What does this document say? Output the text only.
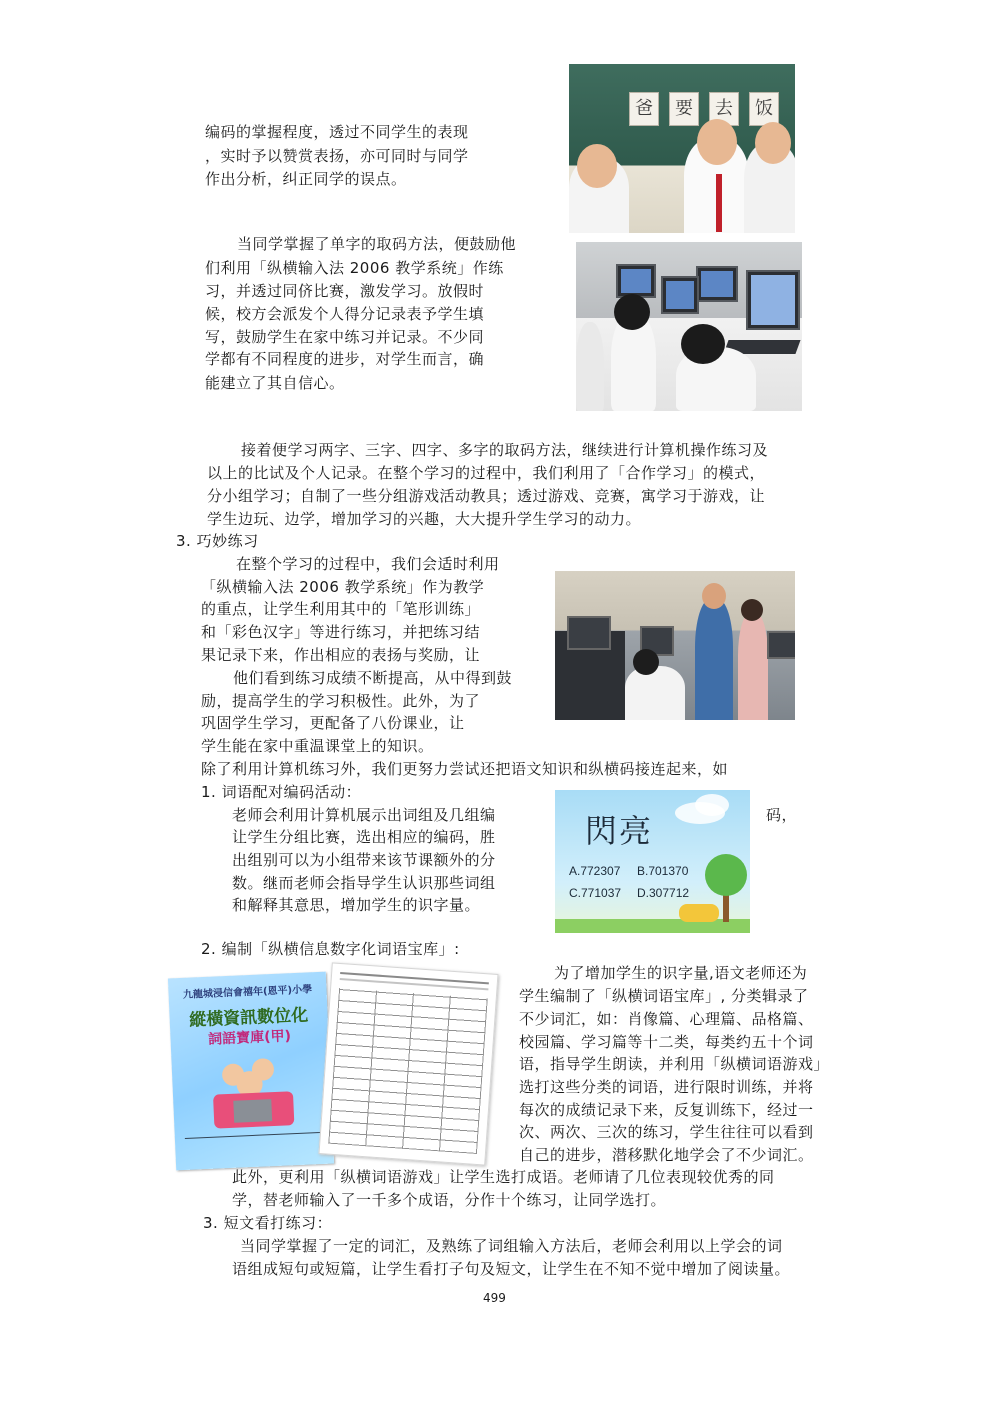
编码的掌握程度，透过不同学生的表现
，实时予以赞赏表扬，亦可同时与同学
作出分析，纠正同学的误点。
爸	要	去	饭
当同学掌握了单字的取码方法，便鼓励他
们利用「纵横输入法 2006 教学系统」作练
习，并透过同侪比赛，激发学习。放假时
候，校方会派发个人得分记录表予学生填
写，鼓励学生在家中练习并记录。不少同
学都有不同程度的进步，对学生而言，确
能建立了其自信心。
接着便学习两字、三字、四字、多字的取码方法，继续进行计算机操作练习及
以上的比试及个人记录。在整个学习的过程中，我们利用了「合作学习」的模式，
分小组学习；自制了一些分组游戏活动教具；透过游戏、竞赛，寓学习于游戏，让
学生边玩、边学，增加学习的兴趣，大大提升学生学习的动力。
3. 巧妙练习
在整个学习的过程中，我们会适时利用
「纵横输入法 2006 教学系统」作为教学
的重点，让学生利用其中的「笔形训练」
和「彩色汉字」等进行练习，并把练习结
果记录下来，作出相应的表扬与奖励，让
他们看到练习成绩不断提高，从中得到鼓
励，提高学生的学习积极性。此外，为了
巩固学生学习，更配备了八份课业，让
学生能在家中重温课堂上的知识。
除了利用计算机练习外，我们更努力尝试还把语文知识和纵横码接连起来，如
1. 词语配对编码活动：
老师会利用计算机展示出词组及几组编
让学生分组比赛，选出相应的编码，胜
出组别可以为小组带来该节课额外的分
数。继而老师会指导学生认识那些词组
和解释其意思，增加学生的识字量。
码，
閃亮
A.772307 B.701370
C.771037 D.307712
2. 编制「纵横信息数字化词语宝库」:
九龍城浸信會禧年(恩平)小學
縱橫資訊數位化
詞語寶庫(甲)
为了增加学生的识字量,语文老师还为
学生编制了「纵横词语宝库」, 分类辑录了
不少词汇，如：肖像篇、心理篇、品格篇、
校园篇、学习篇等十二类，每类约五十个词
语，指导学生朗读，并利用「纵横词语游戏」
选打这些分类的词语，进行限时训练，并将
每次的成绩记录下来，反复训练下，经过一
次、两次、三次的练习，学生往往可以看到
自己的进步，潜移默化地学会了不少词汇。
此外，更利用「纵横词语游戏」让学生选打成语。老师请了几位表现较优秀的同
学，替老师输入了一千多个成语，分作十个练习，让同学选打。
3. 短文看打练习：
当同学掌握了一定的词汇，及熟练了词组输入方法后，老师会利用以上学会的词
语组成短句或短篇，让学生看打子句及短文，让学生在不知不觉中增加了阅读量。
499
